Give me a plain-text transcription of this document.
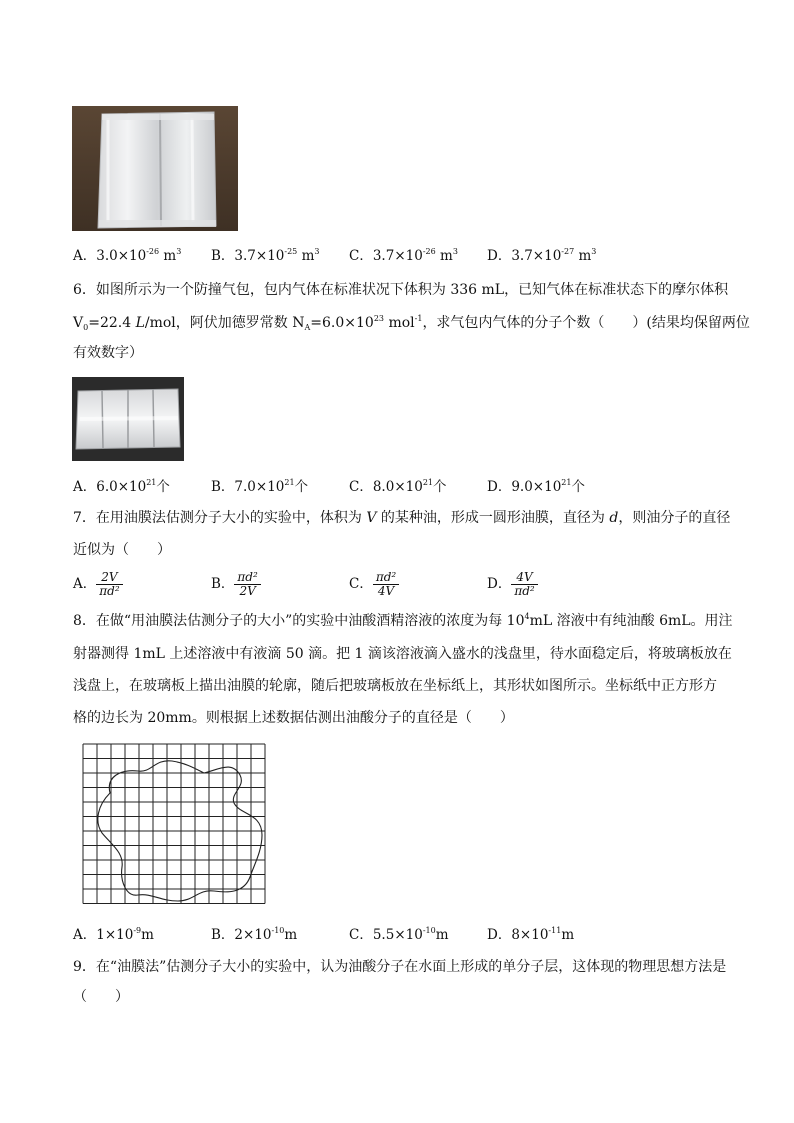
A．$3.0\times 10^{-26}$ $m^3$ B．$3.7\times 10^{-25}$ $m^3$ C．$3.7\times 10^{-26}$ $m^3$ D．$3.7\times 10^{-27}$ $m^3$
6．如图所示为一个防撞气包，包内气体在标准状况下体积为 336 mL，已知气体在标准状态下的摩尔体积
$V_0=22.4$ L/mol，阿伏加德罗常数 $N_A=6.0\times 10^{23}$ mol$^{-1}$，求气包内气体的分子个数（　　）(结果均保留两位
有效数字）
A．$6.0\times 10^{21}$个	B．$7.0\times 10^{21}$个	C．$8.0\times 10^{21}$个	D．$9.0\times 10^{21}$个
7．在用油膜法估测分子大小的实验中，体积为 V 的某种油，形成一圆形油膜，直径为 d，则油分子的直径
近似为（　　）
A． $\frac{2V}{\text{πd²}}$	B． $\frac{\text{πd²}}{2V}$	C． $\frac{\text{πd²}}{4V}$	D． $\frac{4V}{\text{πd²}}$
8．在做“用油膜法估测分子的大小”的实验中油酸酒精溶液的浓度为每 $10^4mL$ 溶液中有纯油酸 6mL。用注
射器测得 1mL 上述溶液中有液滴 50 滴。把 1 滴该溶液滴入盛水的浅盘里，待水面稳定后，将玻璃板放在
浅盘上，在玻璃板上描出油膜的轮廓，随后把玻璃板放在坐标纸上，其形状如图所示。坐标纸中正方形方
格的边长为 20mm。则根据上述数据估测出油酸分子的直径是（　　）
A．$1\times 10^{-9}m$	B．$2\times 10^{-10}m$	C．$5.5\times 10^{-10}m$	D．$8\times 10^{-11}m$
9．在“油膜法”估测分子大小的实验中，认为油酸分子在水面上形成的单分子层，这体现的物理思想方法是
（　　）
